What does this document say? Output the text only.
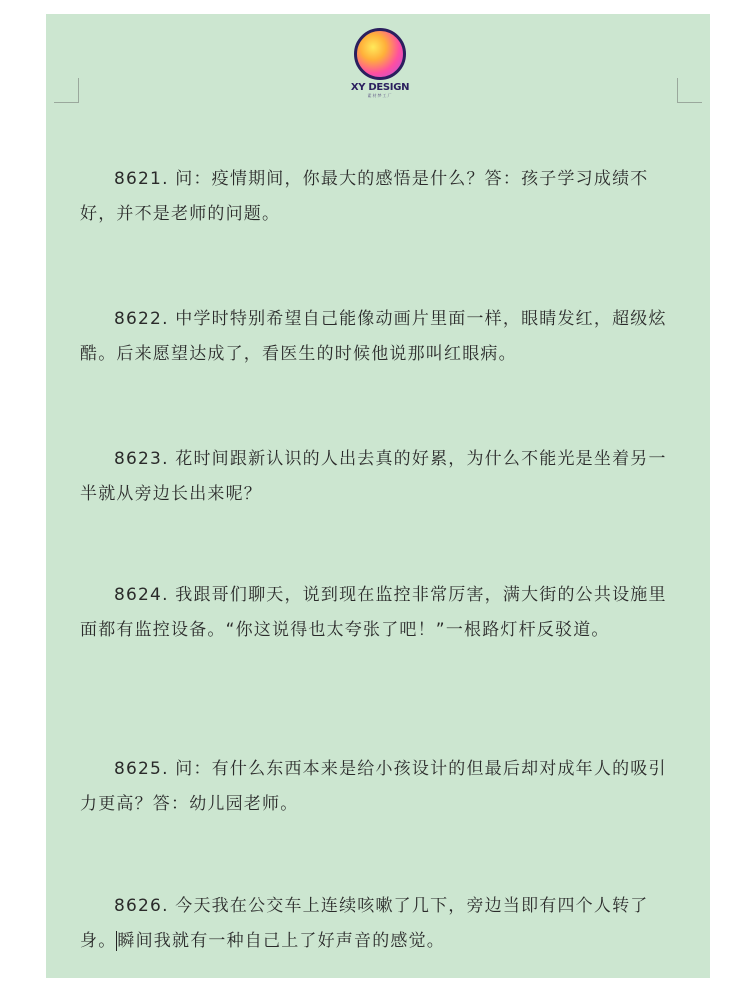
XY DESIGN
素材梦工厂

8621. 问：疫情期间，你最大的感悟是什么？答：孩子学习成绩不好，并不是老师的问题。

8622. 中学时特别希望自己能像动画片里面一样，眼睛发红，超级炫酷。后来愿望达成了，看医生的时候他说那叫红眼病。

8623. 花时间跟新认识的人出去真的好累，为什么不能光是坐着另一半就从旁边长出来呢？

8624. 我跟哥们聊天，说到现在监控非常厉害，满大街的公共设施里面都有监控设备。“你这说得也太夸张了吧！”一根路灯杆反驳道。

8625. 问：有什么东西本来是给小孩设计的但最后却对成年人的吸引力更高？答：幼儿园老师。

8626. 今天我在公交车上连续咳嗽了几下，旁边当即有四个人转了身。瞬间我就有一种自己上了好声音的感觉。
